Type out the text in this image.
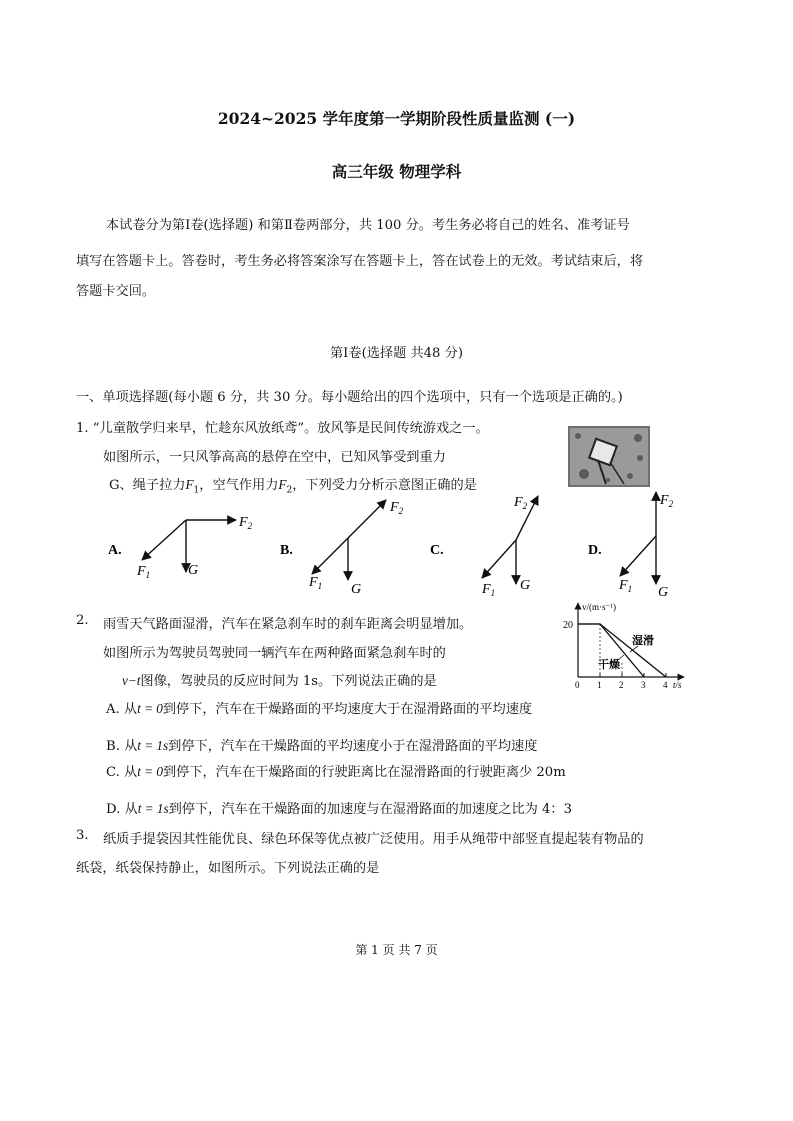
2024~2025 学年度第一学期阶段性质量监测 (一)
高三年级 物理学科
本试卷分为第Ⅰ卷(选择题) 和第Ⅱ卷两部分，共 100 分。考生务必将自己的姓名、准考证号
填写在答题卡上。答卷时，考生务必将答案涂写在答题卡上，答在试卷上的无效。考试结束后，将
答题卡交回。
第Ⅰ卷(选择题 共48 分)
一、单项选择题(每小题 6 分，共 30 分。每小题给出的四个选项中，只有一个选项是正确的。)
1. “儿童散学归来早，忙趁东风放纸鸢”。放风筝是民间传统游戏之一。
如图所示，一只风筝高高的悬停在空中，已知风筝受到重力
G、绳子拉力$F_1$，空气作用力$F_2$，下列受力分析示意图正确的是
A.
$F_2$
G
$F_1$
B.
$F_2$
G
$F_1$
C.
$F_2$
G
$F_1$
D.
$F_2$
G
$F_1$
2. 雨雪天气路面湿滑，汽车在紧急刹车时的刹车距离会明显增加。
如图所示为驾驶员驾驶同一辆汽车在两种路面紧急刹车时的
v−t图像，驾驶员的反应时间为 1s。下列说法正确的是
v/(m·s⁻¹)
t/s
20
0 1 2 3 4
湿滑
干燥
A. 从t = 0到停下，汽车在干燥路面的平均速度大于在湿滑路面的平均速度
B. 从t = 1s到停下，汽车在干燥路面的平均速度小于在湿滑路面的平均速度
C. 从t = 0到停下，汽车在干燥路面的行驶距离比在湿滑路面的行驶距离少 20m
D. 从t = 1s到停下，汽车在干燥路面的加速度与在湿滑路面的加速度之比为 4：3
3. 纸质手提袋因其性能优良、绿色环保等优点被广泛使用。用手从绳带中部竖直提起装有物品的
纸袋，纸袋保持静止，如图所示。下列说法正确的是
第 1 页 共 7 页
